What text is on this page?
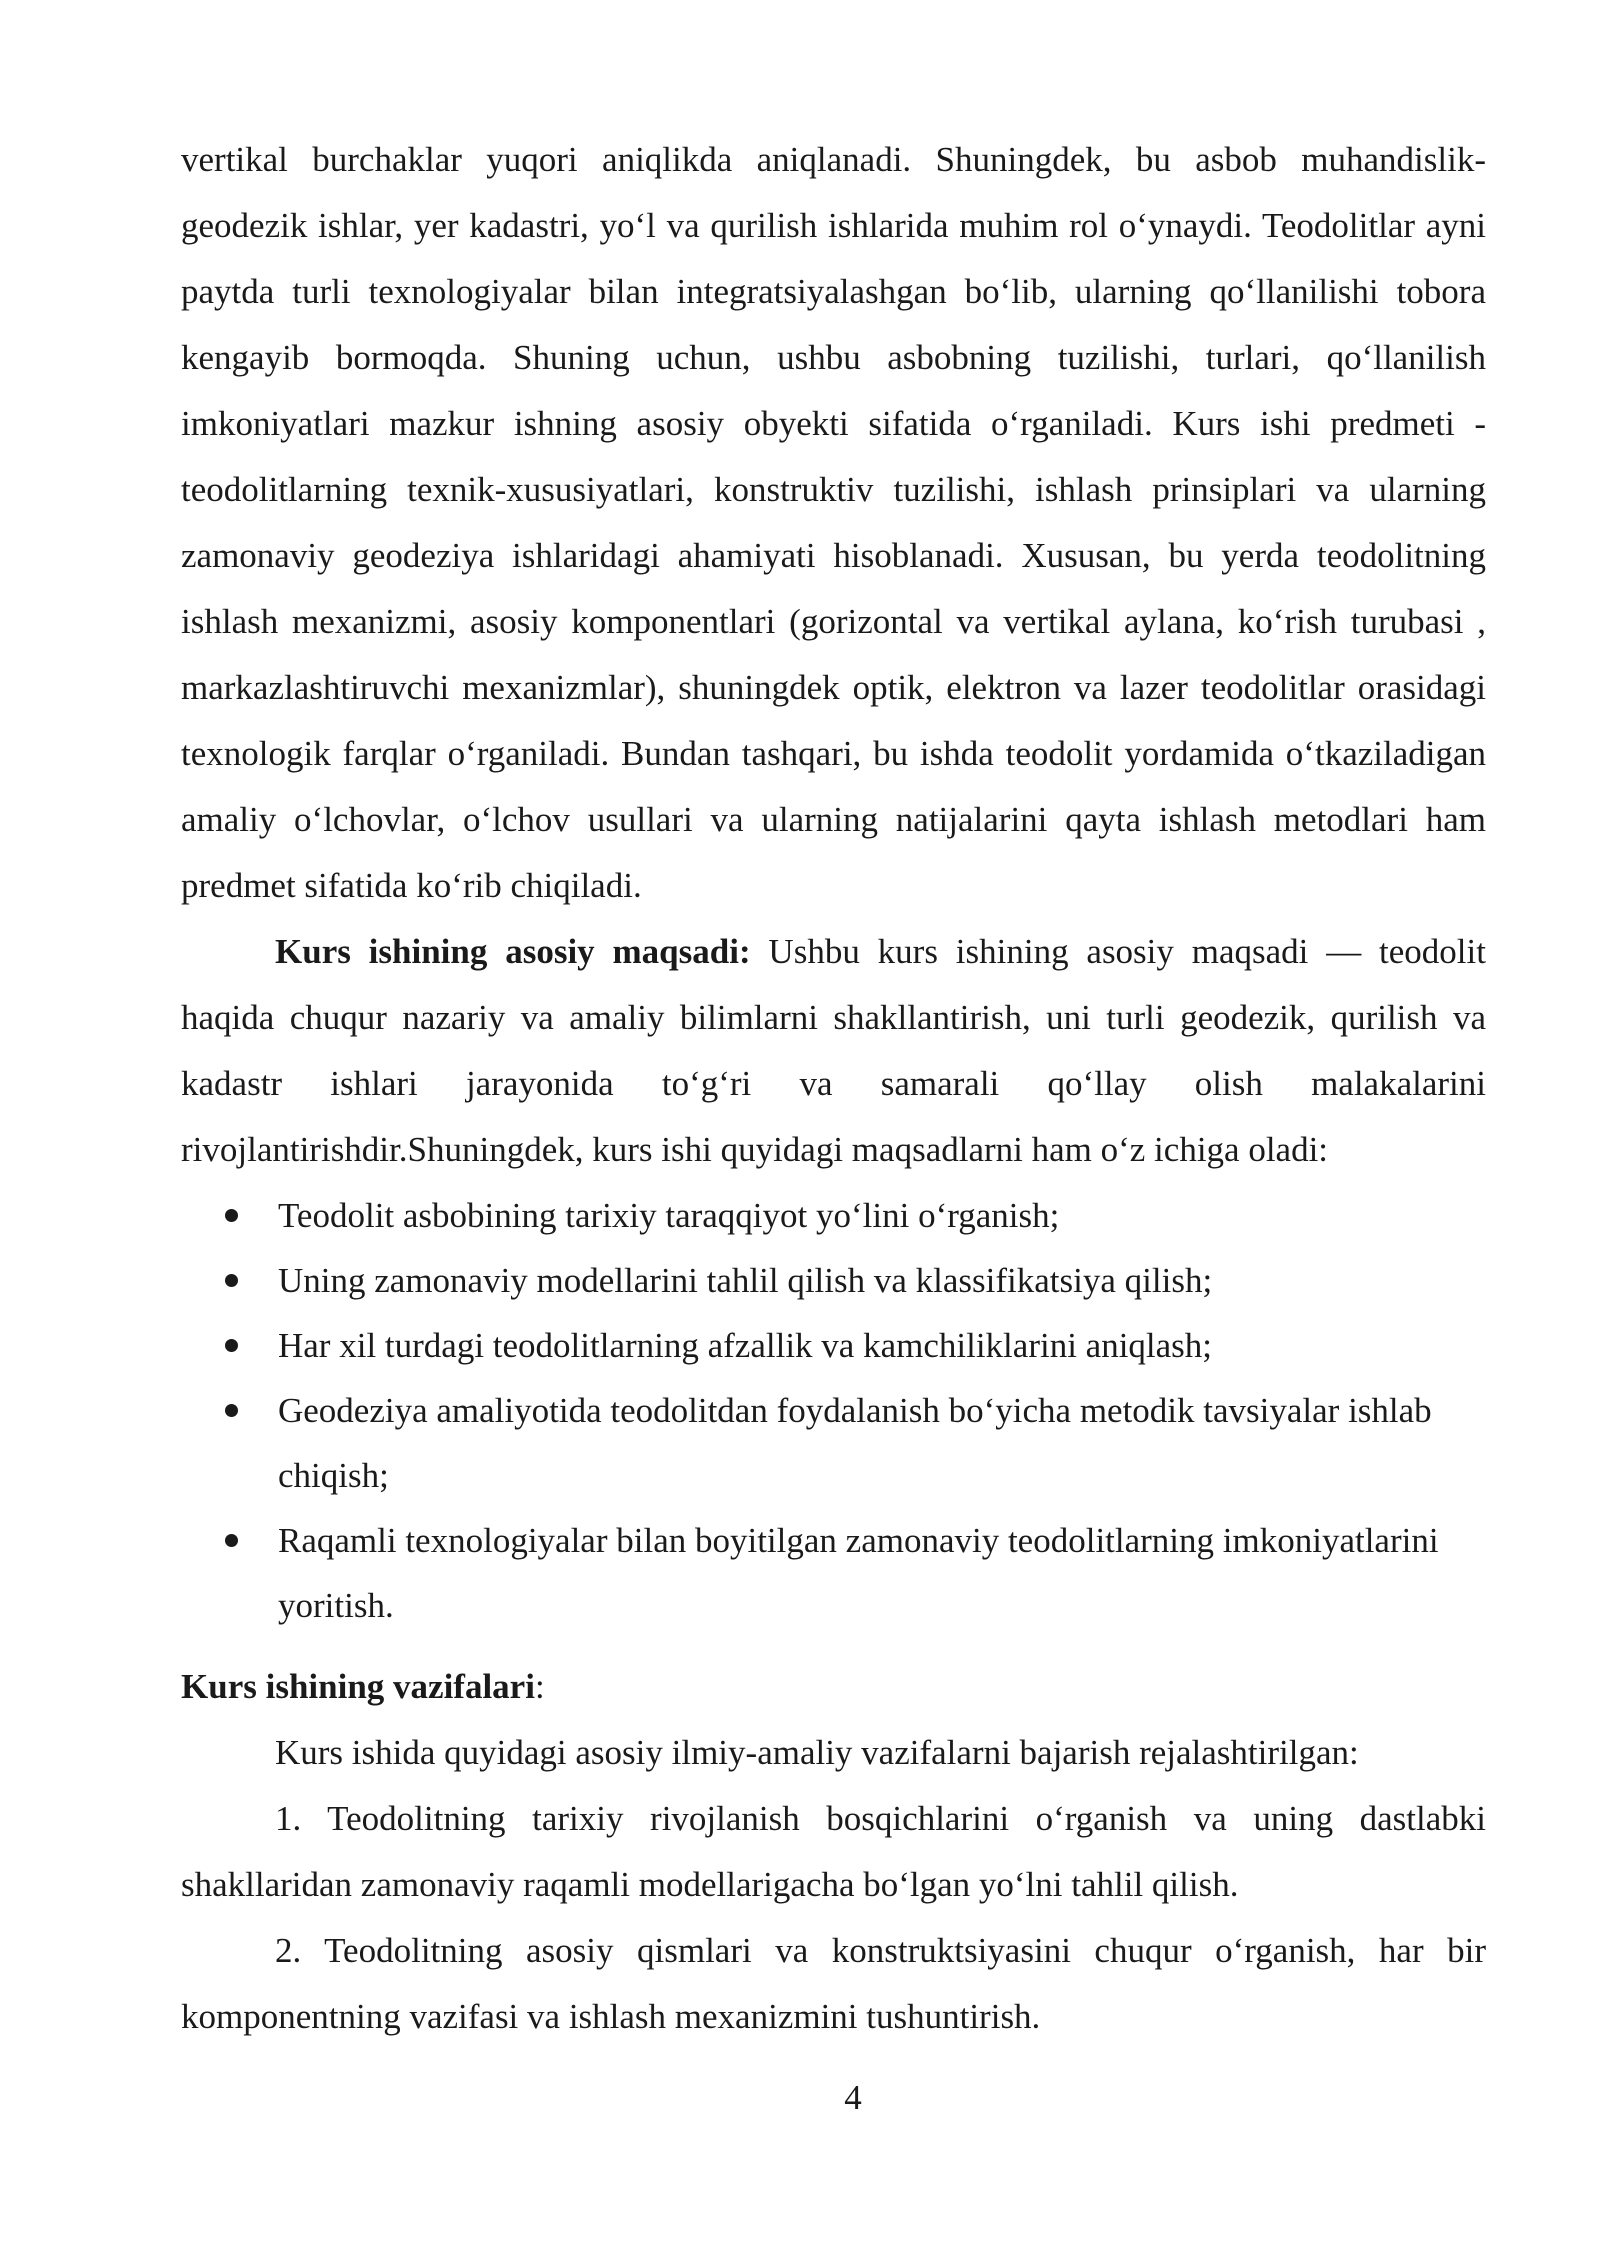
vertikal burchaklar yuqori aniqlikda aniqlanadi. Shuningdek, bu asbob muhandislik-geodezik ishlar, yer kadastri, yo‘l va qurilish ishlarida muhim rol o‘ynaydi. Teodolitlar ayni paytda turli texnologiyalar bilan integratsiyalashgan bo‘lib, ularning qo‘llanilishi tobora kengayib bormoqda. Shuning uchun, ushbu asbobning tuzilishi, turlari, qo‘llanilish imkoniyatlari mazkur ishning asosiy obyekti sifatida o‘rganiladi. Kurs ishi predmeti - teodolitlarning texnik-xususiyatlari, konstruktiv tuzilishi, ishlash prinsiplari va ularning zamonaviy geodeziya ishlaridagi ahamiyati hisoblanadi. Xususan, bu yerda teodolitning ishlash mexanizmi, asosiy komponentlari (gorizontal va vertikal aylana, ko‘rish turubasi , markazlashtiruvchi mexanizmlar), shuningdek optik, elektron va lazer teodolitlar orasidagi texnologik farqlar o‘rganiladi. Bundan tashqari, bu ishda teodolit yordamida o‘tkaziladigan amaliy o‘lchovlar, o‘lchov usullari va ularning natijalarini qayta ishlash metodlari ham predmet sifatida ko‘rib chiqiladi.

Kurs ishining asosiy maqsadi: Ushbu kurs ishining asosiy maqsadi — teodolit haqida chuqur nazariy va amaliy bilimlarni shakllantirish, uni turli geodezik, qurilish va kadastr ishlari jarayonida to‘g‘ri va samarali qo‘llay olish malakalarini rivojlantirishdir.Shuningdek, kurs ishi quyidagi maqsadlarni ham o‘z ichiga oladi:

Teodolit asbobining tarixiy taraqqiyot yo‘lini o‘rganish;
Uning zamonaviy modellarini tahlil qilish va klassifikatsiya qilish;
Har xil turdagi teodolitlarning afzallik va kamchiliklarini aniqlash;
Geodeziya amaliyotida teodolitdan foydalanish bo‘yicha metodik tavsiyalar ishlab chiqish;
Raqamli texnologiyalar bilan boyitilgan zamonaviy teodolitlarning imkoniyatlarini yoritish.

Kurs ishining vazifalari:

Kurs ishida quyidagi asosiy ilmiy-amaliy vazifalarni bajarish rejalashtirilgan:

1. Teodolitning tarixiy rivojlanish bosqichlarini o‘rganish va uning dastlabki shakllaridan zamonaviy raqamli modellarigacha bo‘lgan yo‘lni tahlil qilish.

2. Teodolitning asosiy qismlari va konstruktsiyasini chuqur o‘rganish, har bir komponentning vazifasi va ishlash mexanizmini tushuntirish.

4
